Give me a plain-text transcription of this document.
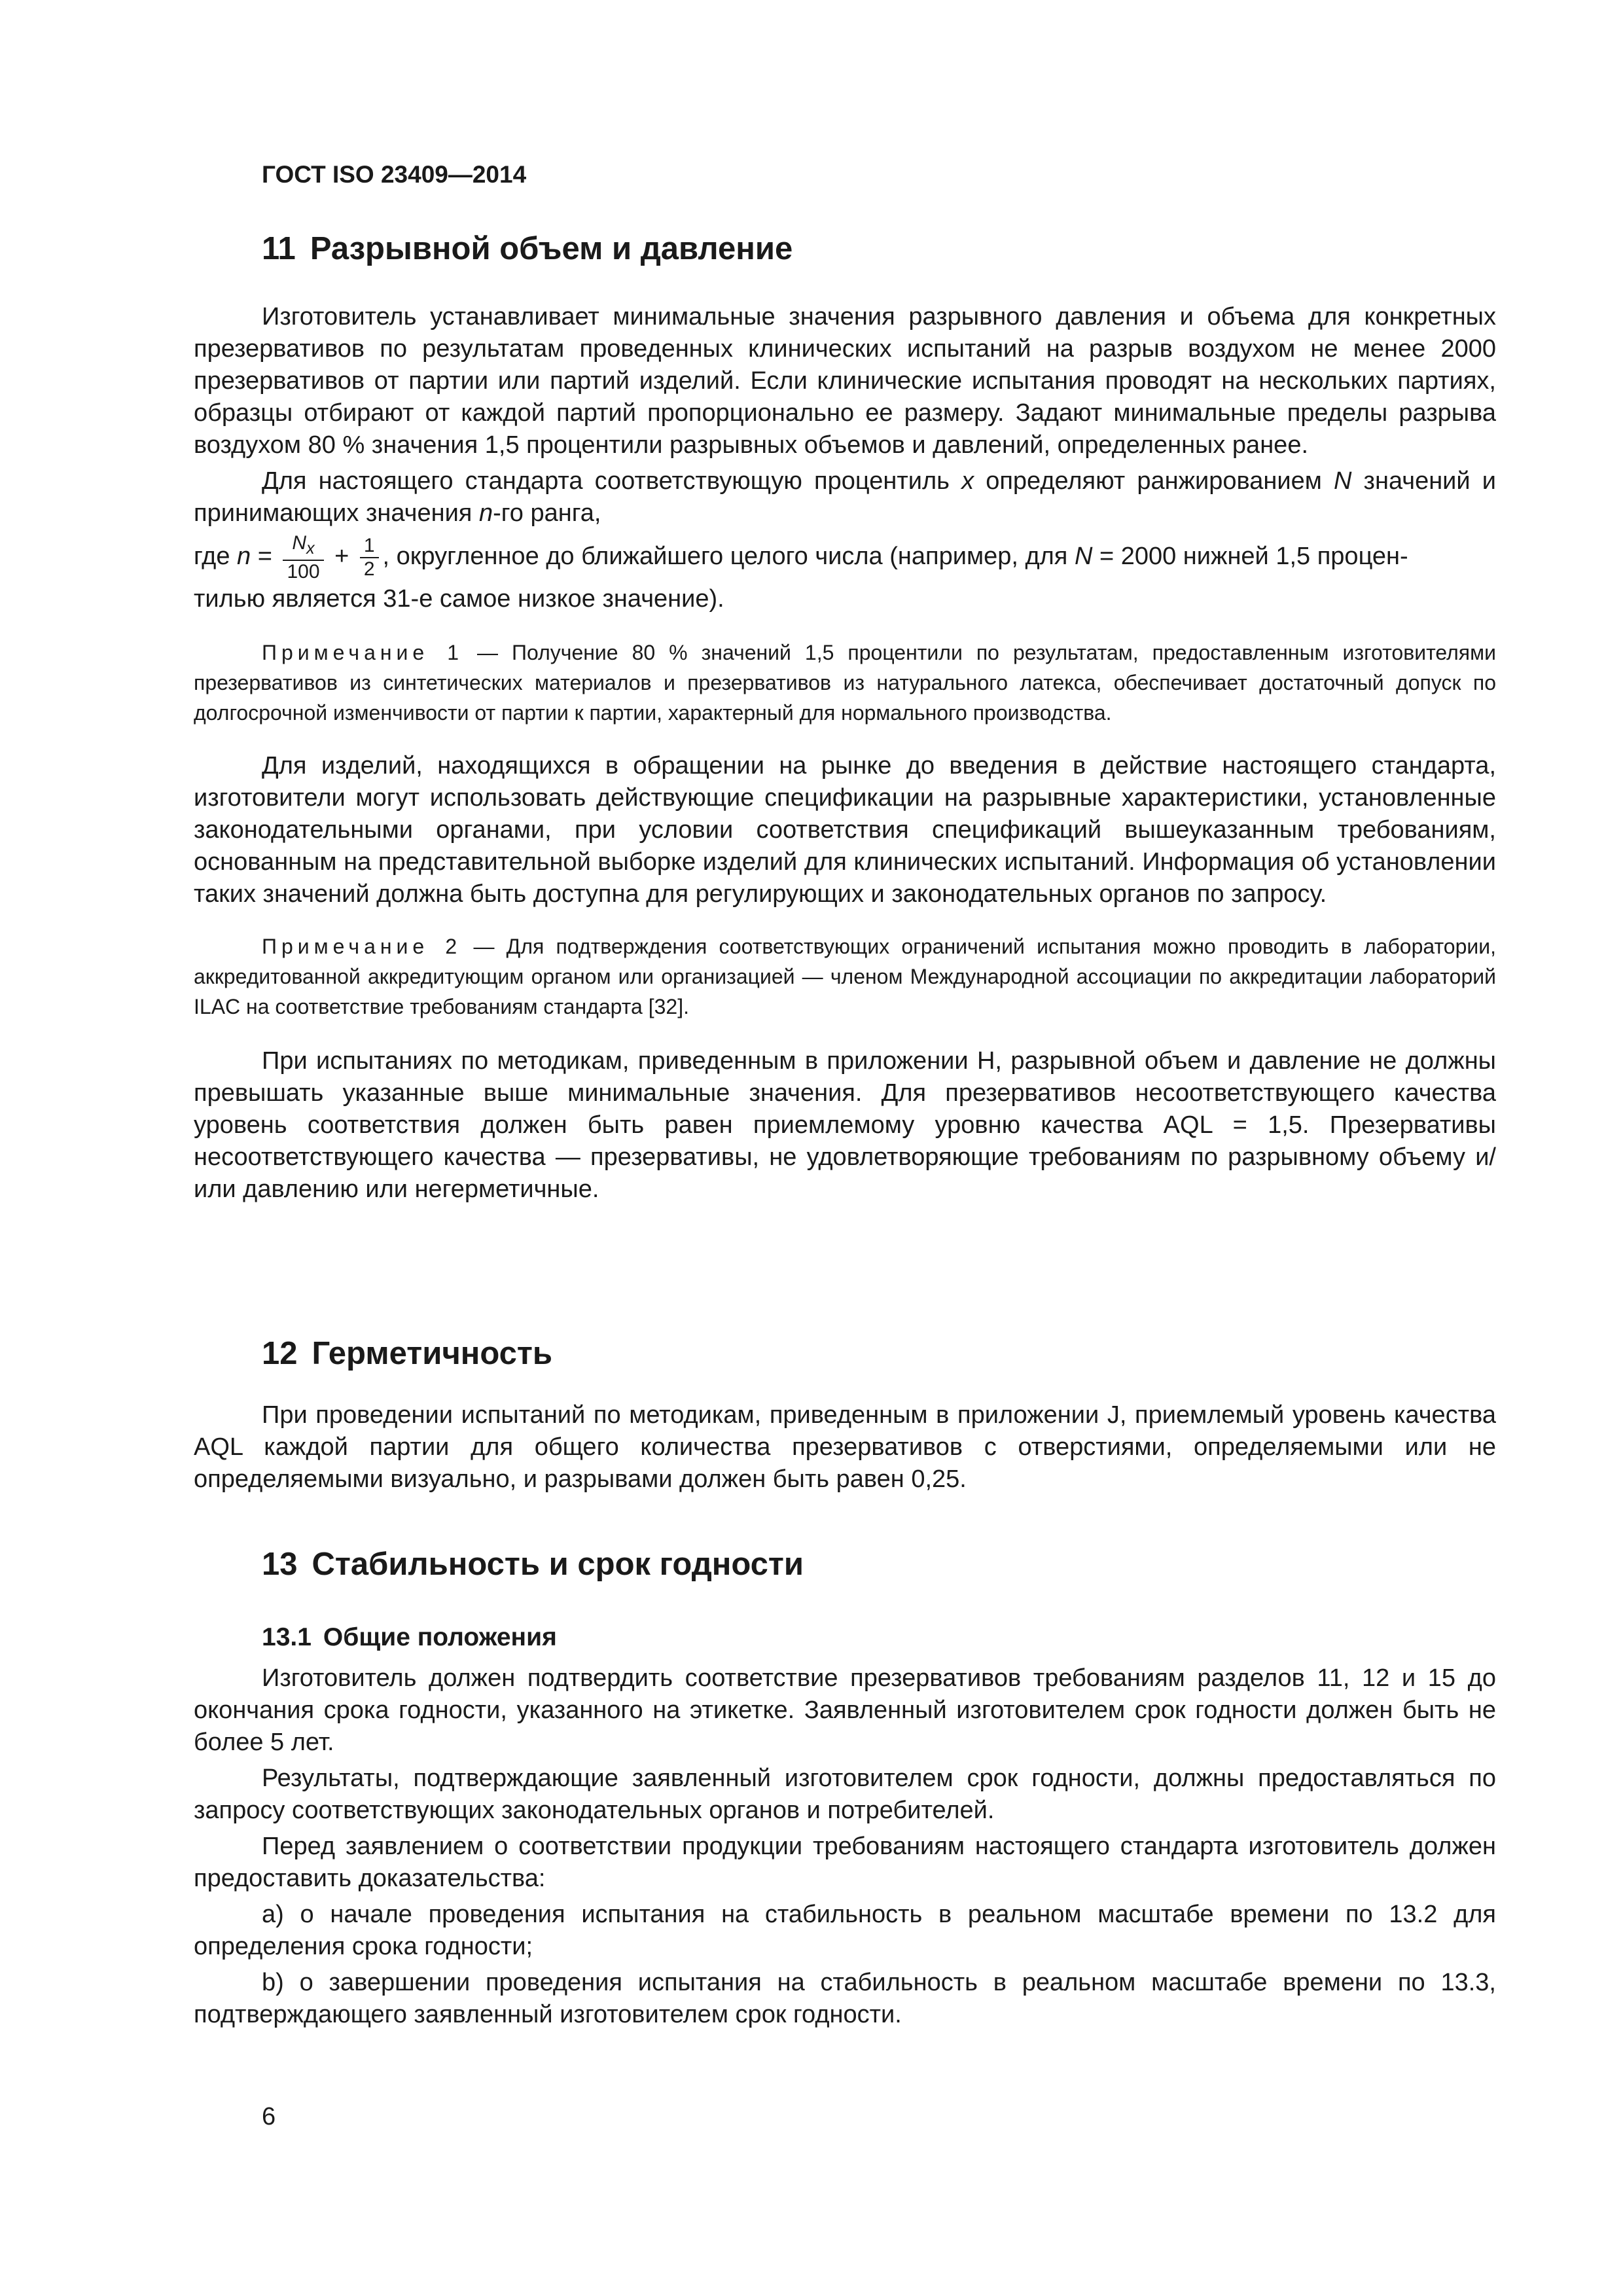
ГОСТ ISO 23409—2014

11 Разрывной объем и давление

Изготовитель устанавливает минимальные значения разрывного давления и объема для конкретных презервативов по результатам проведенных клинических испытаний на разрыв воздухом не менее 2000 презервативов от партии или партий изделий. Если клинические испытания проводят на нескольких партиях, образцы отбирают от каждой партий пропорционально ее размеру. Задают минимальные пределы разрыва воздухом 80 % значения 1,5 процентили разрывных объемов и давлений, определенных ранее.

Для настоящего стандарта соответствующую процентиль x определяют ранжированием N значений и принимающих значения n-го ранга,

где $n = \frac{N_x}{100} + \frac{1}{2}$ , округленное до ближайшего целого числа (например, для N = 2000 нижней 1,5 процен-

тилью является 31-е самое низкое значение).

Примечание 1 — Получение 80 % значений 1,5 процентили по результатам, предоставленным изготовителями презервативов из синтетических материалов и презервативов из натурального латекса, обеспечивает достаточный допуск по долгосрочной изменчивости от партии к партии, характерный для нормального производства.

Для изделий, находящихся в обращении на рынке до введения в действие настоящего стандарта, изготовители могут использовать действующие спецификации на разрывные характеристики, установленные законодательными органами, при условии соответствия спецификаций вышеуказанным требованиям, основанным на представительной выборке изделий для клинических испытаний. Информация об установлении таких значений должна быть доступна для регулирующих и законодательных органов по запросу.

Примечание 2 — Для подтверждения соответствующих ограничений испытания можно проводить в лаборатории, аккредитованной аккредитующим органом или организацией — членом Международной ассоциации по аккредитации лабораторий ILAC на соответствие требованиям стандарта [32].

При испытаниях по методикам, приведенным в приложении H, разрывной объем и давление не должны превышать указанные выше минимальные значения. Для презервативов несоответствующего качества уровень соответствия должен быть равен приемлемому уровню качества AQL = 1,5. Презервативы несоответствующего качества — презервативы, не удовлетворяющие требованиям по разрывному объему и/или давлению или негерметичные.

12 Герметичность

При проведении испытаний по методикам, приведенным в приложении J, приемлемый уровень качества AQL каждой партии для общего количества презервативов с отверстиями, определяемыми или не определяемыми визуально, и разрывами должен быть равен 0,25.

13 Стабильность и срок годности
13.1 Общие положения

Изготовитель должен подтвердить соответствие презервативов требованиям разделов 11, 12 и 15 до окончания срока годности, указанного на этикетке. Заявленный изготовителем срок годности должен быть не более 5 лет.

Результаты, подтверждающие заявленный изготовителем срок годности, должны предоставляться по запросу соответствующих законодательных органов и потребителей.

Перед заявлением о соответствии продукции требованиям настоящего стандарта изготовитель должен предоставить доказательства:

a) о начале проведения испытания на стабильность в реальном масштабе времени по 13.2 для определения срока годности;

b) о завершении проведения испытания на стабильность в реальном масштабе времени по 13.3, подтверждающего заявленный изготовителем срок годности.

6
